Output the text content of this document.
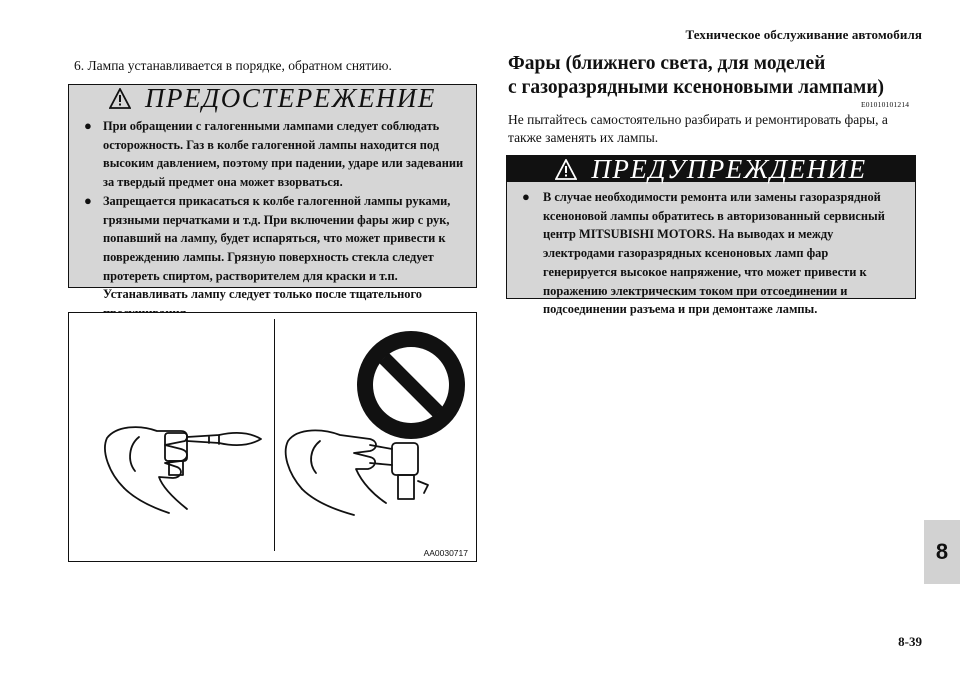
Техническое обслуживание автомобиля
6. Лампа устанавливается в порядке, обратном снятию.
ПРЕДОСТЕРЕЖЕНИЕ
● При обращении с галогенными лампами следует соблюдать осторожность. Газ в колбе галогенной лампы находится под высоким давлением, поэтому при падении, ударе или задевании за твердый предмет она может взорваться.
● Запрещается прикасаться к колбе галогенной лампы руками, грязными перчатками и т.д. При включении фары жир с рук, попавший на лампу, будет испаряться, что может привести к повреждению лампы. Грязную поверхность стекла следует протереть спиртом, растворителем для краски и т.п. Устанавливать лампу следует только после тщательного
AA0030717
Фары (ближнего света, для моделей
с газоразрядными ксеноновыми лампами)
E01010101214
Не пытайтесь самостоятельно разбирать и ремонтировать фары, а также заменять их лампы.
ПРЕДУПРЕЖДЕНИЕ
● В случае необходимости ремонта или замены газоразрядной ксеноновой лампы обратитесь в авторизованный сервисный центр MITSUBISHI MOTORS. На выводах и между электродами газоразрядных ксеноновых ламп фар генерируется высокое напряжение, что может привести к поражению электрическим током при отсоединении и подсоединении разъема и при демонтаже лампы.
8
8-39
